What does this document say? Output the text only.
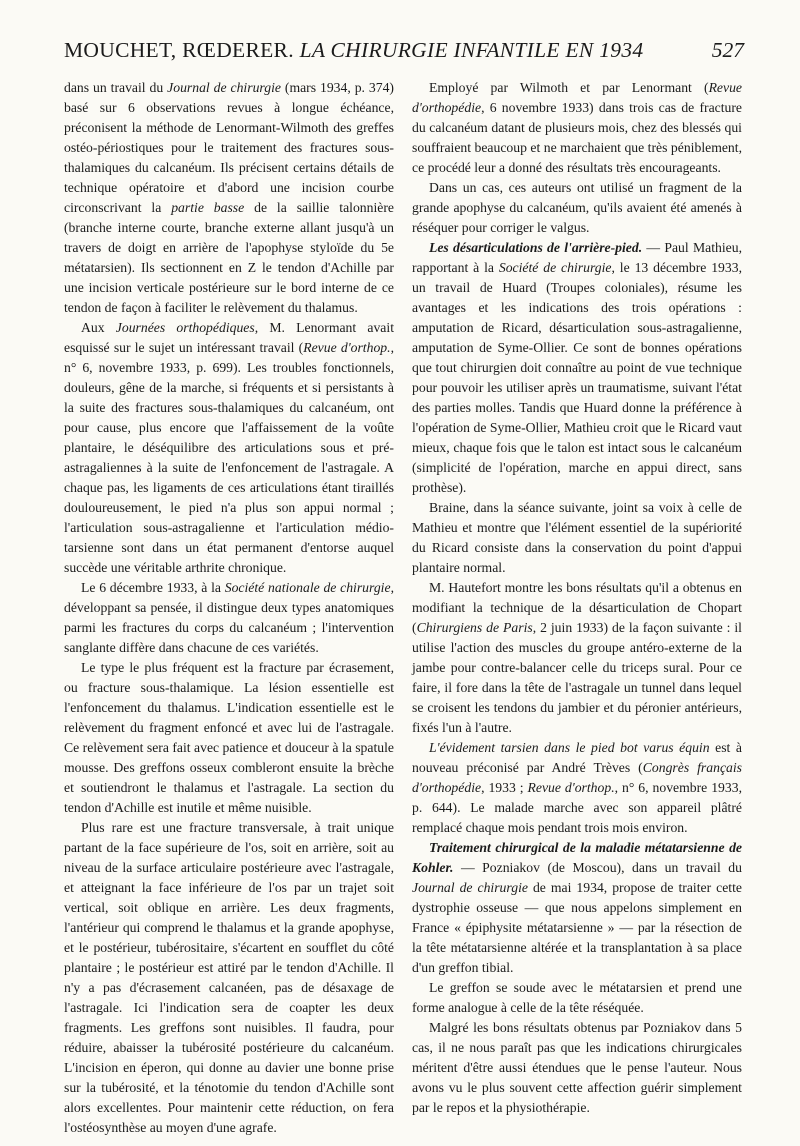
MOUCHET, RŒDERER. LA CHIRURGIE INFANTILE EN 1934	527

dans un travail du Journal de chirurgie (mars 1934, p. 374) basé sur 6 observations revues à longue échéance, préconisent la méthode de Lenormant-Wilmoth des greffes ostéo-périostiques pour le traitement des fractures sous-thalamiques du calcanéum. Ils précisent certains détails de technique opératoire et d'abord une incision courbe circonscrivant la partie basse de la saillie talonnière (branche interne courte, branche externe allant jusqu'à un travers de doigt en arrière de l'apophyse styloïde du 5e métatarsien). Ils sectionnent en Z le tendon d'Achille par une incision verticale postérieure sur le bord interne de ce tendon de façon à faciliter le relèvement du thalamus.

Aux Journées orthopédiques, M. Lenormant avait esquissé sur le sujet un intéressant travail (Revue d'orthop., n° 6, novembre 1933, p. 699). Les troubles fonctionnels, douleurs, gêne de la marche, si fréquents et si persistants à la suite des fractures sous-thalamiques du calcanéum, ont pour cause, plus encore que l'affaissement de la voûte plantaire, le déséquilibre des articulations sous et pré-astragaliennes à la suite de l'enfoncement de l'astragale. A chaque pas, les ligaments de ces articulations étant tiraillés douloureusement, le pied n'a plus son appui normal ; l'articulation sous-astragalienne et l'articulation médio-tarsienne sont dans un état permanent d'entorse auquel succède une véritable arthrite chronique.

Le 6 décembre 1933, à la Société nationale de chirurgie, développant sa pensée, il distingue deux types anatomiques parmi les fractures du corps du calcanéum ; l'intervention sanglante diffère dans chacune de ces variétés.

Le type le plus fréquent est la fracture par écrasement, ou fracture sous-thalamique. La lésion essentielle est l'enfoncement du thalamus. L'indication essentielle est le relèvement du fragment enfoncé et avec lui de l'astragale. Ce relèvement sera fait avec patience et douceur à la spatule mousse. Des greffons osseux combleront ensuite la brèche et soutiendront le thalamus et l'astragale. La section du tendon d'Achille est inutile et même nuisible.

Plus rare est une fracture transversale, à trait unique partant de la face supérieure de l'os, soit en arrière, soit au niveau de la surface articulaire postérieure avec l'astragale, et atteignant la face inférieure de l'os par un trajet soit vertical, soit oblique en arrière. Les deux fragments, l'antérieur qui comprend le thalamus et la grande apophyse, et le postérieur, tubérositaire, s'écartent en soufflet du côté plantaire ; le postérieur est attiré par le tendon d'Achille. Il n'y a pas d'écrasement calcanéen, pas de désaxage de l'astragale. Ici l'indication sera de coapter les deux fragments. Les greffons sont nuisibles. Il faudra, pour réduire, abaisser la tubérosité postérieure du calcanéum. L'incision en éperon, qui donne au davier une bonne prise sur la tubérosité, et la ténotomie du tendon d'Achille sont alors excellentes. Pour maintenir cette réduction, on fera l'ostéosynthèse au moyen d'une agrafe.

Employé par Wilmoth et par Lenormant (Revue d'orthopédie, 6 novembre 1933) dans trois cas de fracture du calcanéum datant de plusieurs mois, chez des blessés qui souffraient beaucoup et ne marchaient que très péniblement, ce procédé leur a donné des résultats très encourageants.

Dans un cas, ces auteurs ont utilisé un fragment de la grande apophyse du calcanéum, qu'ils avaient été amenés à réséquer pour corriger le valgus.

Les désarticulations de l'arrière-pied. — Paul Mathieu, rapportant à la Société de chirurgie, le 13 décembre 1933, un travail de Huard (Troupes coloniales), résume les avantages et les indications des trois opérations : amputation de Ricard, désarticulation sous-astragalienne, amputation de Syme-Ollier. Ce sont de bonnes opérations que tout chirurgien doit connaître au point de vue technique pour pouvoir les utiliser après un traumatisme, suivant l'état des parties molles. Tandis que Huard donne la préférence à l'opération de Syme-Ollier, Mathieu croit que le Ricard vaut mieux, chaque fois que le talon est intact sous le calcanéum (simplicité de l'opération, marche en appui direct, sans prothèse).

Braine, dans la séance suivante, joint sa voix à celle de Mathieu et montre que l'élément essentiel de la supériorité du Ricard consiste dans la conservation du point d'appui plantaire normal.

M. Hautefort montre les bons résultats qu'il a obtenus en modifiant la technique de la désarticulation de Chopart (Chirurgiens de Paris, 2 juin 1933) de la façon suivante : il utilise l'action des muscles du groupe antéro-externe de la jambe pour contre-balancer celle du triceps sural. Pour ce faire, il fore dans la tête de l'astragale un tunnel dans lequel se croisent les tendons du jambier et du péronier antérieurs, fixés l'un à l'autre.

L'évidement tarsien dans le pied bot varus équin est à nouveau préconisé par André Trèves (Congrès français d'orthopédie, 1933 ; Revue d'orthop., n° 6, novembre 1933, p. 644). Le malade marche avec son appareil plâtré remplacé chaque mois pendant trois mois environ.

Traitement chirurgical de la maladie métatarsienne de Kohler. — Pozniakov (de Moscou), dans un travail du Journal de chirurgie de mai 1934, propose de traiter cette dystrophie osseuse — que nous appelons simplement en France « épiphysite métatarsienne » — par la résection de la tête métatarsienne altérée et la transplantation à sa place d'un greffon tibial.

Le greffon se soude avec le métatarsien et prend une forme analogue à celle de la tête réséquée.

Malgré les bons résultats obtenus par Pozniakov dans 5 cas, il ne nous paraît pas que les indications chirurgicales méritent d'être aussi étendues que le pense l'auteur. Nous avons vu le plus souvent cette affection guérir simplement par le repos et la physiothérapie.
